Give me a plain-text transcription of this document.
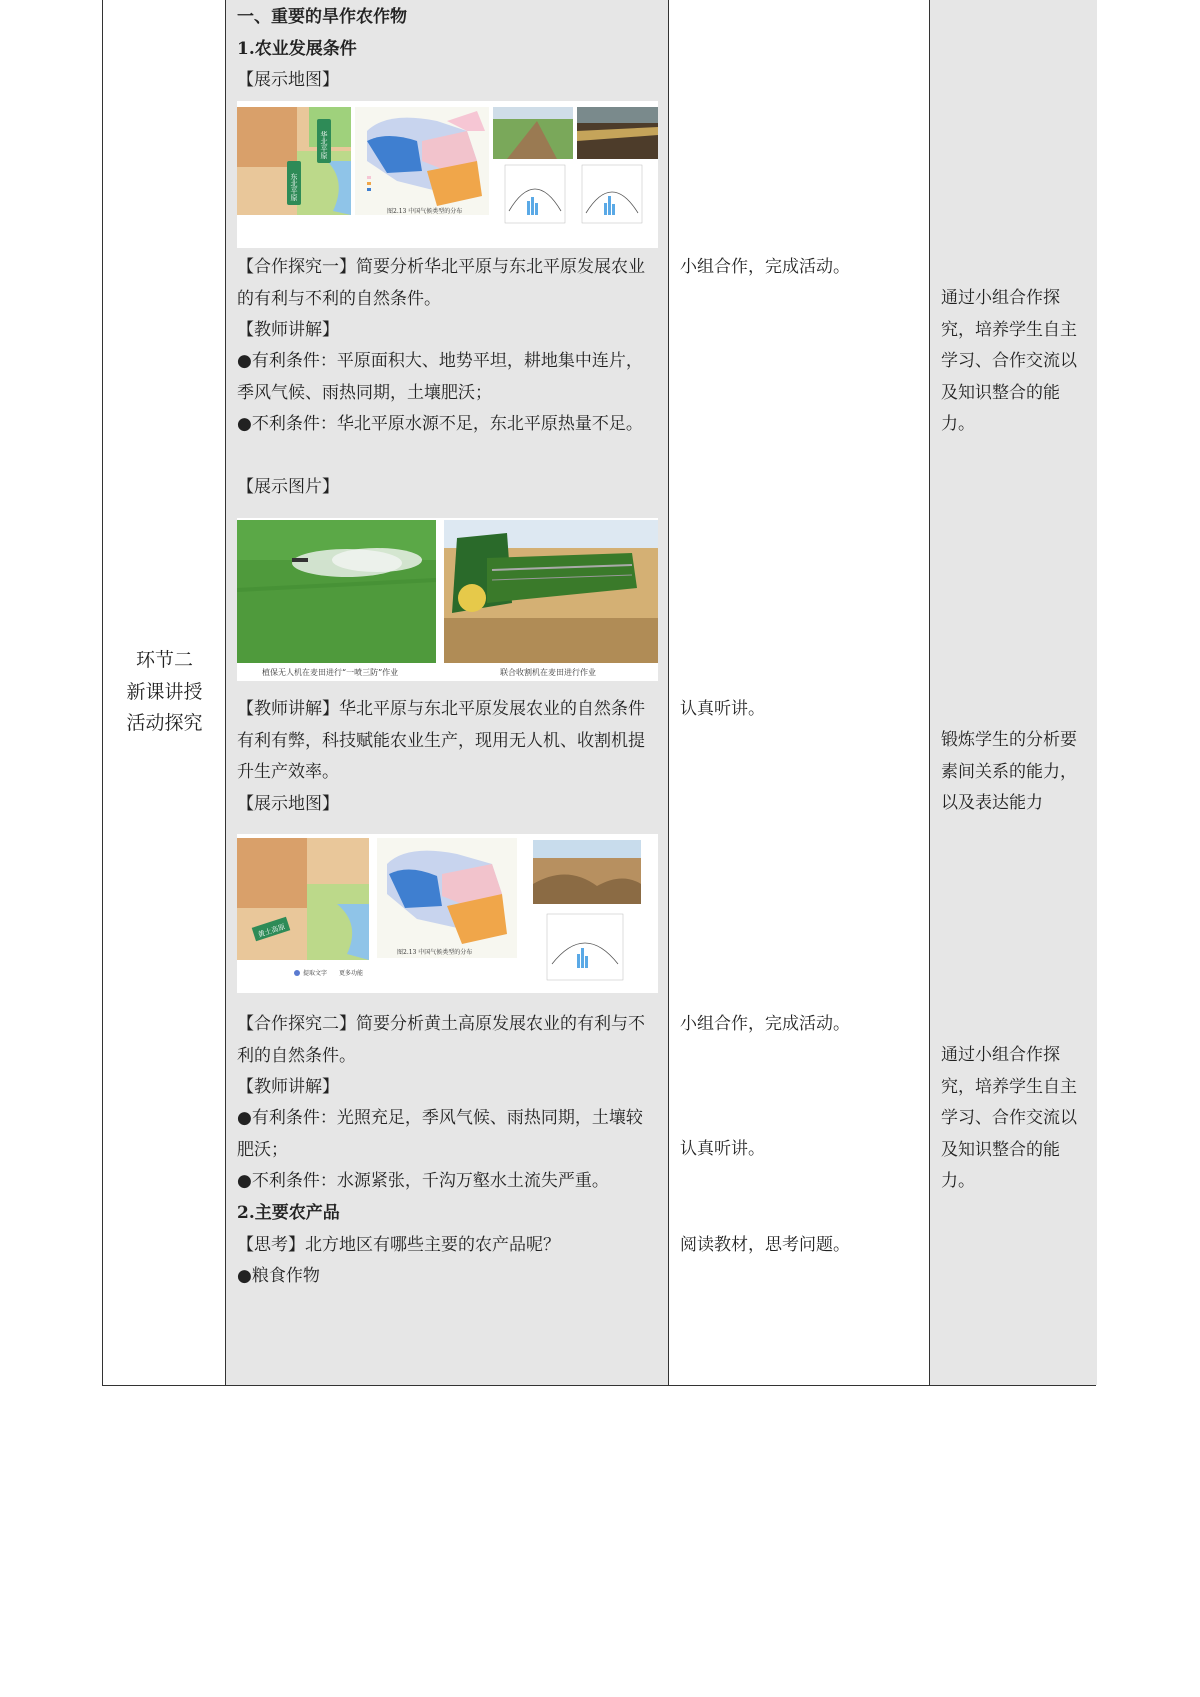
环节二
新课讲授
活动探究
一、重要的旱作农作物
1.农业发展条件
【展示地图】
华北平原
东北平原
图2.13 中国气候类型的分布
【合作探究一】简要分析华北平原与东北平原发展农业的有利与不利的自然条件。
【教师讲解】
●有利条件：平原面积大、地势平坦，耕地集中连片，季风气候、雨热同期，土壤肥沃；
●不利条件：华北平原水源不足，东北平原热量不足。
【展示图片】
植保无人机在麦田进行“一喷三防”作业	联合收割机在麦田进行作业
【教师讲解】华北平原与东北平原发展农业的自然条件有利有弊，科技赋能农业生产，现用无人机、收割机提升生产效率。
【展示地图】
黄土高原
图2.13 中国气候类型的分布
提取文字 更多功能
【合作探究二】简要分析黄土高原发展农业的有利与不利的自然条件。
【教师讲解】
●有利条件：光照充足，季风气候、雨热同期，土壤较肥沃；
●不利条件：水源紧张，千沟万壑水土流失严重。
2.主要农产品
【思考】北方地区有哪些主要的农产品呢？
●粮食作物
小组合作，完成活动。
认真听讲。
小组合作，完成活动。
认真听讲。
阅读教材，思考问题。
通过小组合作探究，培养学生自主学习、合作交流以及知识整合的能力。
锻炼学生的分析要素间关系的能力，以及表达能力
通过小组合作探究，培养学生自主学习、合作交流以及知识整合的能力。
